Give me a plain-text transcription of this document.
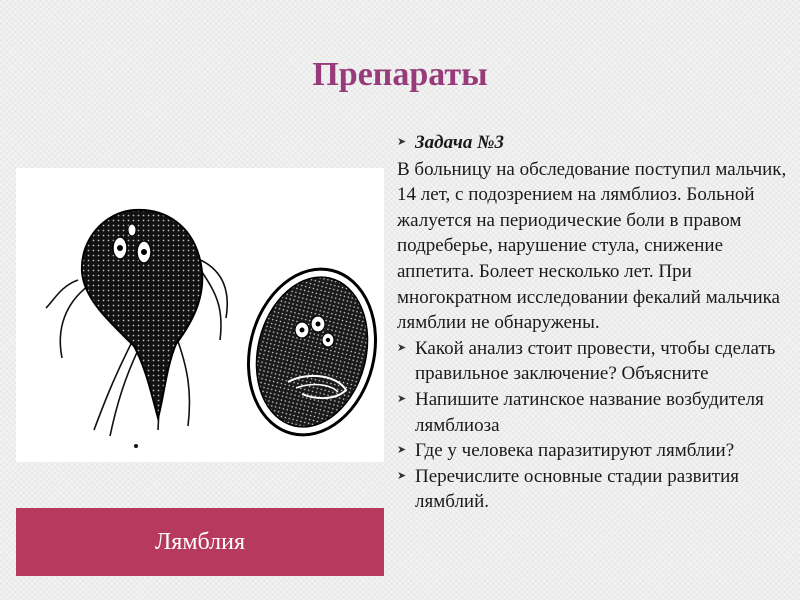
Препараты
Лямблия
➤ Задача №3
В больницу на обследование поступил мальчик, 14 лет, с подозрением на лямблиоз. Больной жалуется на периодические боли в правом подреберье, нарушение стула, снижение аппетита. Болеет несколько лет. При многократном исследовании фекалий мальчика лямблии не обнаружены.
➤ Какой анализ стоит провести, чтобы сделать правильное заключение? Объясните
➤ Напишите латинское название возбудителя лямблиоза
➤ Где у человека паразитируют лямблии?
➤ Перечислите основные стадии развития лямблий.
